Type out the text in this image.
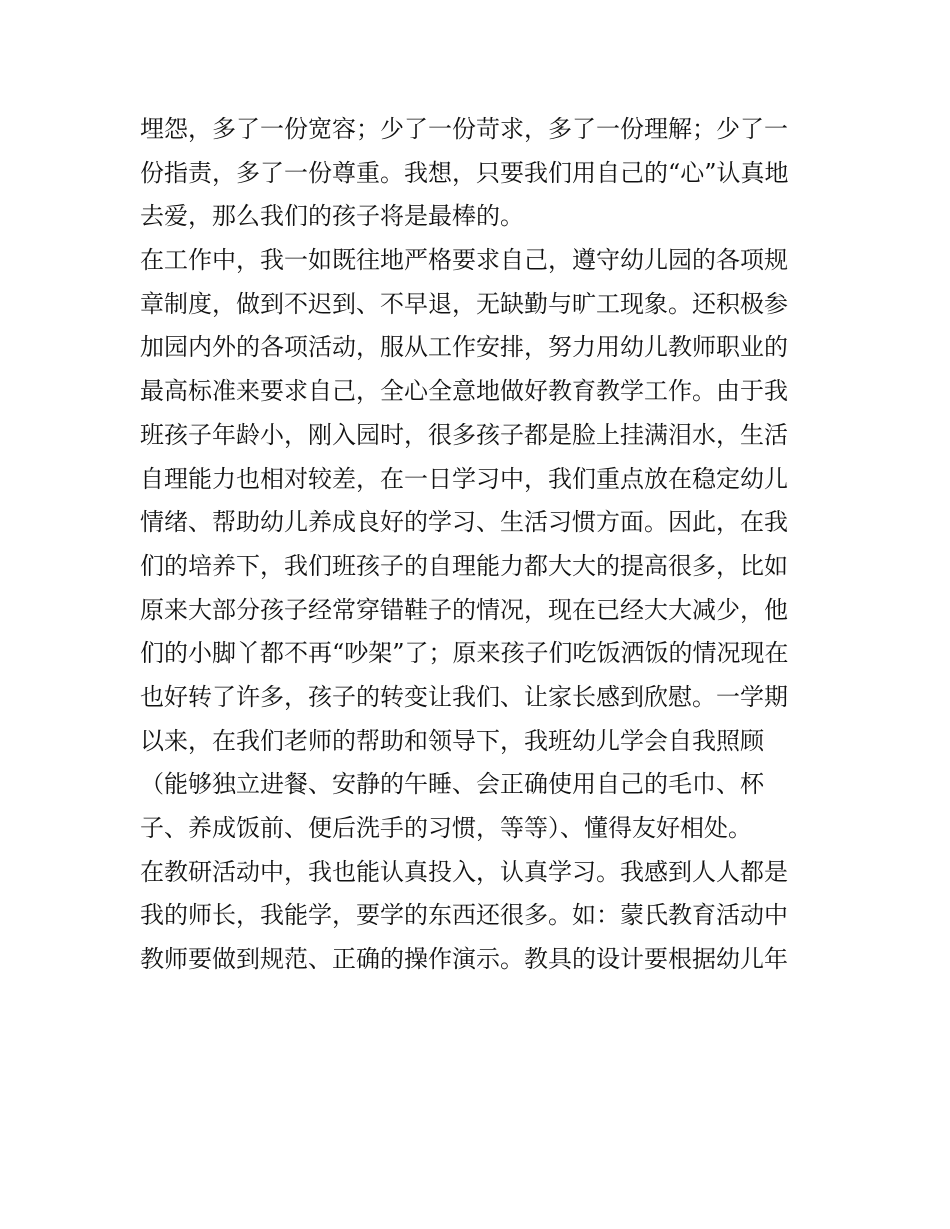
埋怨，多了一份宽容；少了一份苛求，多了一份理解；少了一
份指责，多了一份尊重。我想，只要我们用自己的“心”认真地
去爱，那么我们的孩子将是最棒的。
在工作中，我一如既往地严格要求自己，遵守幼儿园的各项规
章制度，做到不迟到、不早退，无缺勤与旷工现象。还积极参
加园内外的各项活动，服从工作安排，努力用幼儿教师职业的
最高标准来要求自己，全心全意地做好教育教学工作。由于我
班孩子年龄小，刚入园时，很多孩子都是脸上挂满泪水，生活
自理能力也相对较差，在一日学习中，我们重点放在稳定幼儿
情绪、帮助幼儿养成良好的学习、生活习惯方面。因此，在我
们的培养下，我们班孩子的自理能力都大大的提高很多，比如
原来大部分孩子经常穿错鞋子的情况，现在已经大大减少，他
们的小脚丫都不再“吵架”了；原来孩子们吃饭洒饭的情况现在
也好转了许多，孩子的转变让我们、让家长感到欣慰。一学期
以来，在我们老师的帮助和领导下，我班幼儿学会自我照顾
（能够独立进餐、安静的午睡、会正确使用自己的毛巾、杯
子、养成饭前、便后洗手的习惯，等等）、懂得友好相处。
在教研活动中，我也能认真投入，认真学习。我感到人人都是
我的师长，我能学，要学的东西还很多。如：蒙氏教育活动中
教师要做到规范、正确的操作演示。教具的设计要根据幼儿年
